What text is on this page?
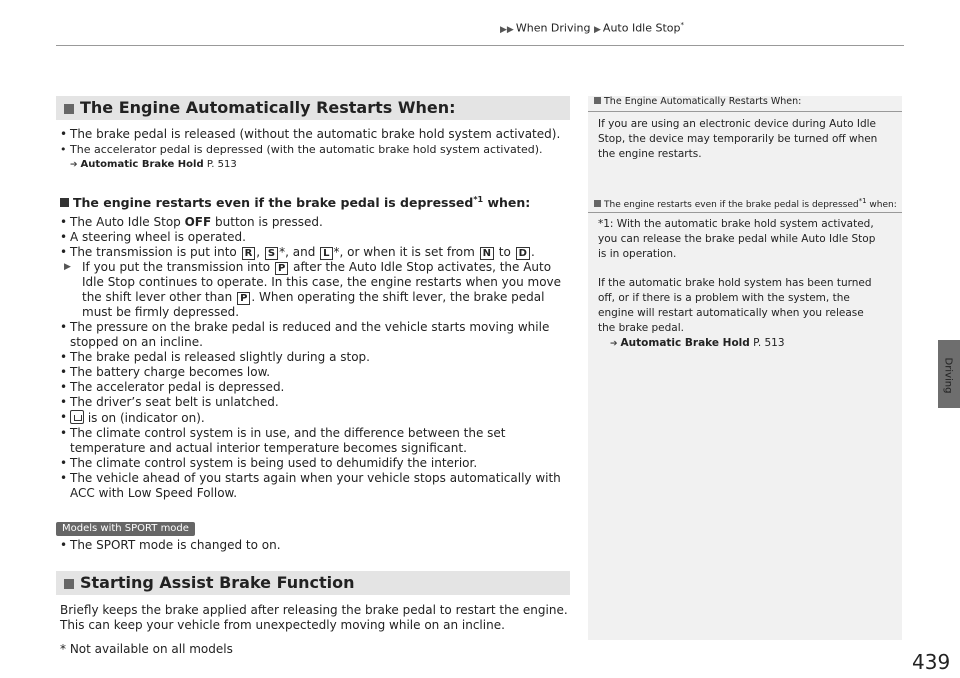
▶▶ When Driving ▶ Auto Idle Stop*
Driving
439
The Engine Automatically Restarts When:
• The brake pedal is released (without the automatic brake hold system activated).
• The accelerator pedal is depressed (with the automatic brake hold system activated).
➔ Automatic Brake Hold P. 513
The engine restarts even if the brake pedal is depressed$^{*1}$ when:
• The Auto Idle Stop OFF button is pressed.
• A steering wheel is operated.
• The transmission is put into R , S *, and L *, or when it is set from N to D .
▶ If you put the transmission into P after the Auto Idle Stop activates, the Auto
Idle Stop continues to operate. In this case, the engine restarts when you move
the shift lever other than P . When operating the shift lever, the brake pedal
must be firmly depressed.
• The pressure on the brake pedal is reduced and the vehicle starts moving while
stopped on an incline.
• The brake pedal is released slightly during a stop.
• The battery charge becomes low.
• The accelerator pedal is depressed.
• The driver’s seat belt is unlatched.
• is on (indicator on).
• The climate control system is in use, and the difference between the set
temperature and actual interior temperature becomes significant.
• The climate control system is being used to dehumidify the interior.
• The vehicle ahead of you starts again when your vehicle stops automatically with
ACC with Low Speed Follow.
Models with SPORT mode
• The SPORT mode is changed to on.
Starting Assist Brake Function
Briefly keeps the brake applied after releasing the brake pedal to restart the engine.
This can keep your vehicle from unexpectedly moving while on an incline.
The Engine Automatically Restarts When:
If you are using an electronic device during Auto Idle
Stop, the device may temporarily be turned off when
the engine restarts.
The engine restarts even if the brake pedal is depressed$^{*1}$ when:
*1: With the automatic brake hold system activated,
you can release the brake pedal while Auto Idle Stop
is in operation.
If the automatic brake hold system has been turned
off, or if there is a problem with the system, the
engine will restart automatically when you release
the brake pedal.
➔ Automatic Brake Hold P. 513
* Not available on all models
